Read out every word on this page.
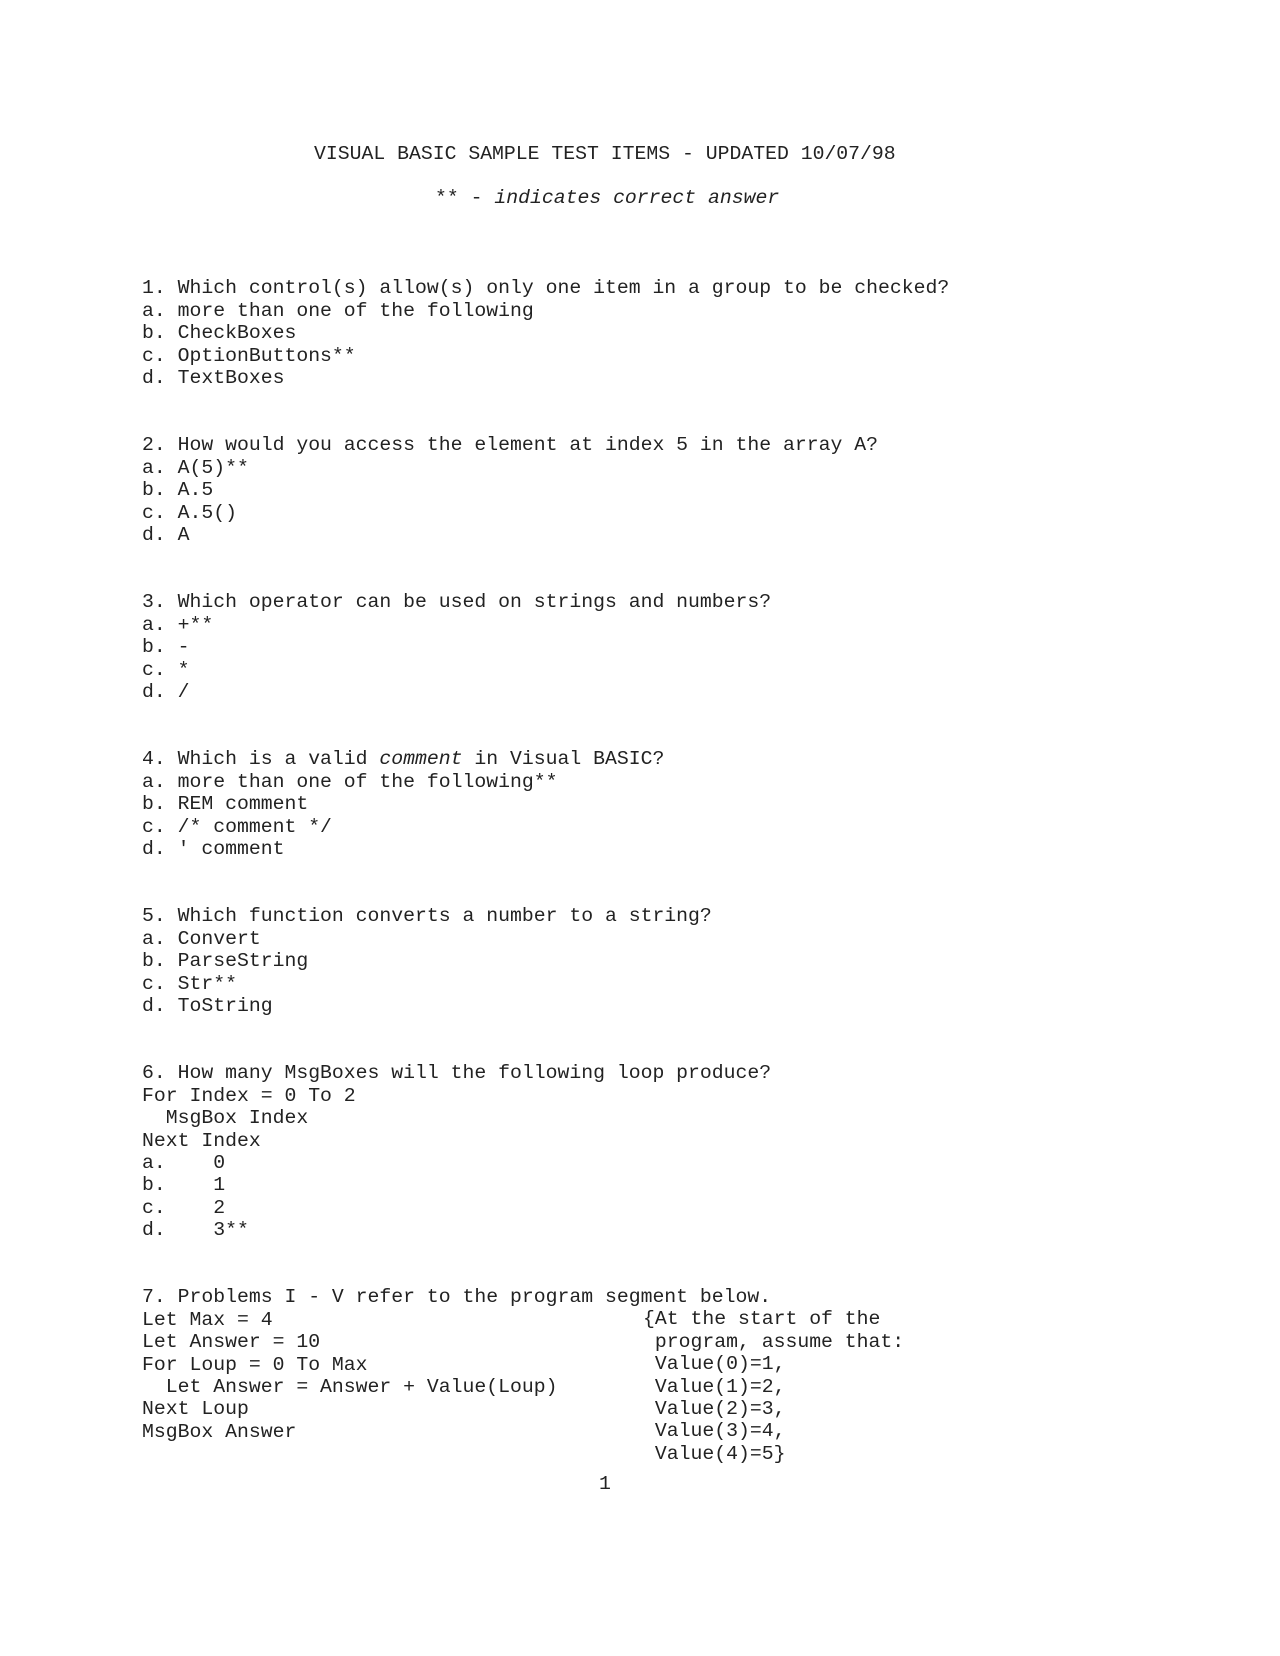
VISUAL BASIC SAMPLE TEST ITEMS - UPDATED 10/07/98
** - indicates correct answer

1. Which control(s) allow(s) only one item in a group to be checked?
a. more than one of the following
b. CheckBoxes
c. OptionButtons**
d. TextBoxes

2. How would you access the element at index 5 in the array A?
a. A(5)**
b. A.5
c. A.5()
d. A

3. Which operator can be used on strings and numbers?
a. +**
b. -
c. *
d. /

4. Which is a valid comment in Visual BASIC?
a. more than one of the following**
b. REM comment
c. /* comment */
d. ' comment

5. Which function converts a number to a string?
a. Convert
b. ParseString
c. Str**
d. ToString

6. How many MsgBoxes will the following loop produce?
For Index = 0 To 2
MsgBox Index
Next Index
a.    0
b.    1
c.    2
d.    3**

7. Problems I - V refer to the program segment below.
Let Max = 4
Let Answer = 10
For Loup = 0 To Max
Let Answer = Answer + Value(Loup)
Next Loup
MsgBox Answer

{At the start of the
program, assume that:
Value(0)=1,
Value(1)=2,
Value(2)=3,
Value(3)=4,
Value(4)=5}

1
